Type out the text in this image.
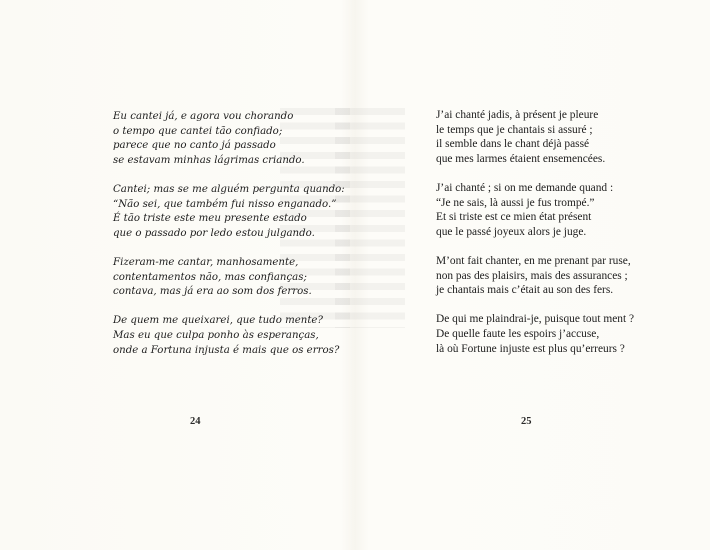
Eu cantei já, e agora vou chorando
o tempo que cantei tão confiado;
parece que no canto já passado
se estavam minhas lágrimas criando.
Cantei; mas se me alguém pergunta quando:
“Não sei, que também fui nisso enganado.”
É tão triste este meu presente estado
que o passado por ledo estou julgando.
Fizeram-me cantar, manhosamente,
contentamentos não, mas confianças;
contava, mas já era ao som dos ferros.
De quem me queixarei, que tudo mente?
Mas eu que culpa ponho às esperanças,
onde a Fortuna injusta é mais que os erros?
24
J’ai chanté jadis, à présent je pleure
le temps que je chantais si assuré ;
il semble dans le chant déjà passé
que mes larmes étaient ensemencées.
J’ai chanté ; si on me demande quand :
“Je ne sais, là aussi je fus trompé.”
Et si triste est ce mien état présent
que le passé joyeux alors je juge.
M’ont fait chanter, en me prenant par ruse,
non pas des plaisirs, mais des assurances ;
je chantais mais c’était au son des fers.
De qui me plaindrai-je, puisque tout ment ?
De quelle faute les espoirs j’accuse,
là où Fortune injuste est plus qu’erreurs ?
25
